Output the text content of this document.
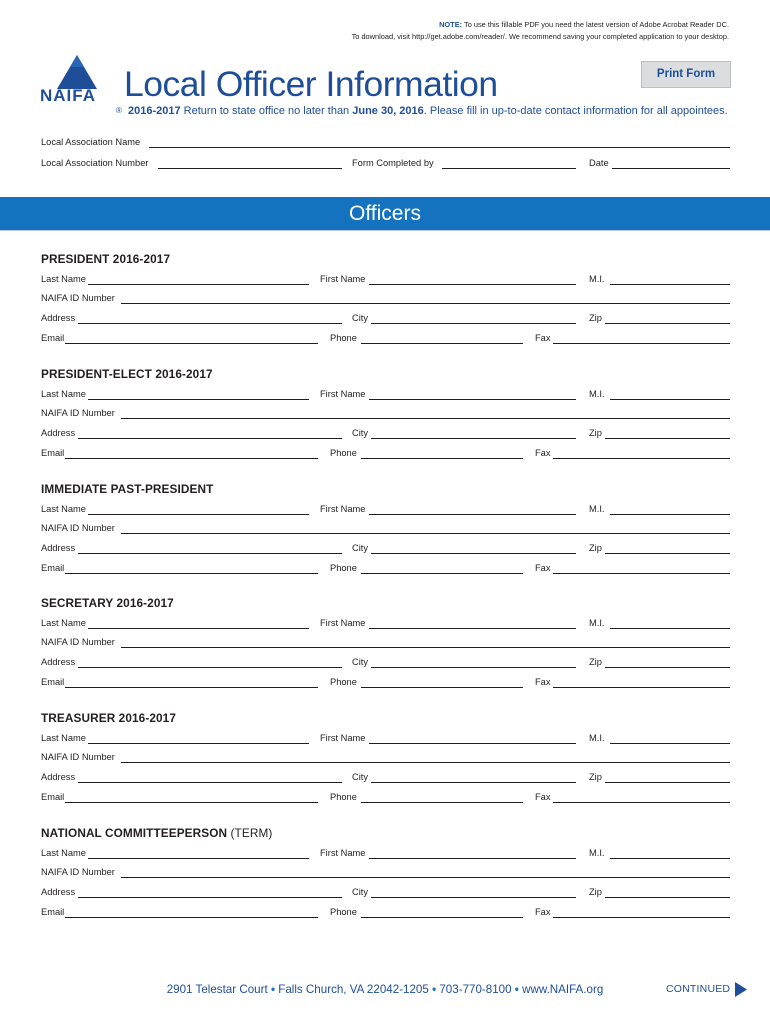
NOTE: To use this fillable PDF you need the latest version of Adobe Acrobat Reader DC.
To download, visit http://get.adobe.com/reader/. We recommend saving your completed application to your desktop.
Print Form
NAIFA
®
Local Officer Information
2016-2017 Return to state office no later than June 30, 2016. Please fill in up-to-date contact information for all appointees.
Local Association Name
Local Association Number	Form Completed by	Date
Officers
PRESIDENT 2016-2017
Last Name	First Name	M.I.
NAIFA ID Number
Address	City	Zip
Email	Phone	Fax
PRESIDENT-ELECT 2016-2017
Last Name	First Name	M.I.
NAIFA ID Number
Address	City	Zip
Email	Phone	Fax
IMMEDIATE PAST-PRESIDENT
Last Name	First Name	M.I.
NAIFA ID Number
Address	City	Zip
Email	Phone	Fax
SECRETARY 2016-2017
Last Name	First Name	M.I.
NAIFA ID Number
Address	City	Zip
Email	Phone	Fax
TREASURER 2016-2017
Last Name	First Name	M.I.
NAIFA ID Number
Address	City	Zip
Email	Phone	Fax
NATIONAL COMMITTEEPERSON (TERM)
Last Name	First Name	M.I.
NAIFA ID Number
Address	City	Zip
Email	Phone	Fax
2901 Telestar Court • Falls Church, VA 22042-1205 • 703-770-8100 • www.NAIFA.org	CONTINUED
